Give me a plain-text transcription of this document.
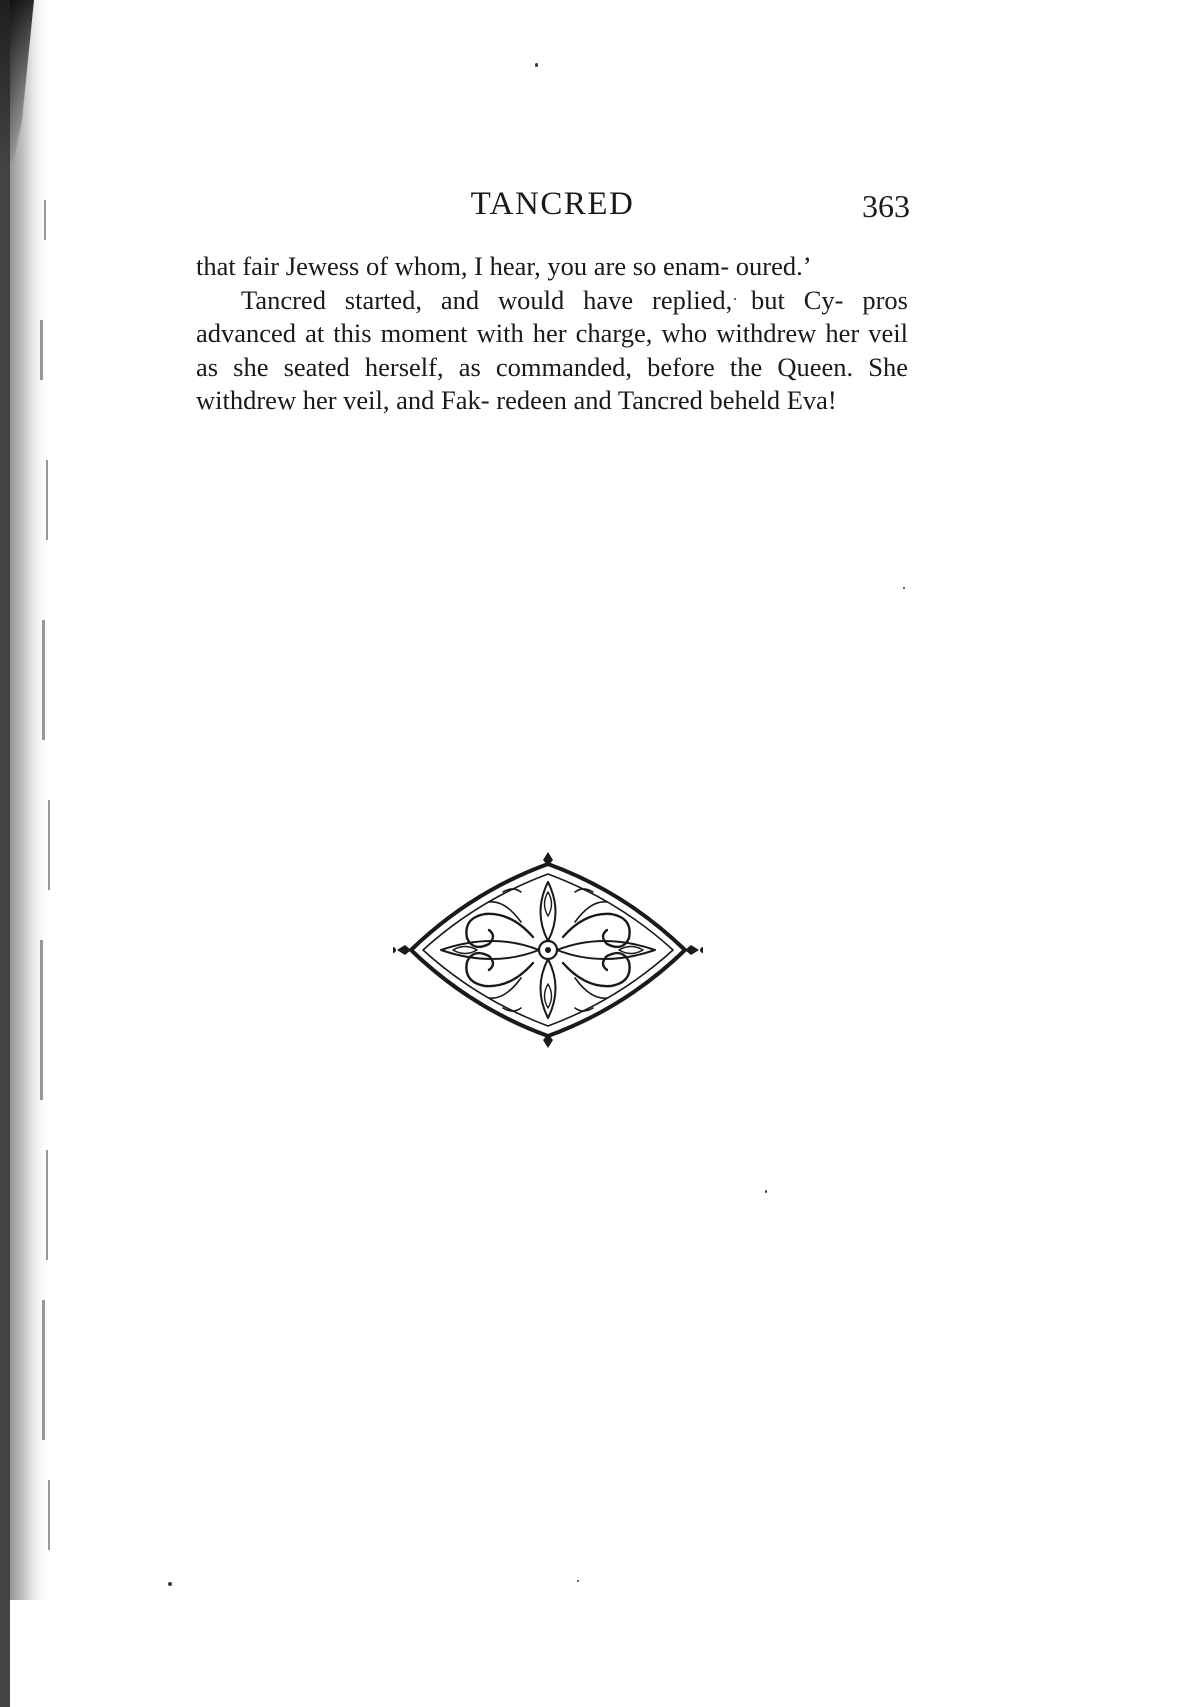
TANCRED	363

that fair Jewess of whom, I hear, you are so enam- oured.’

Tancred started, and would have replied, but Cy- pros advanced at this moment with her charge, who withdrew her veil as she seated herself, as commanded, before the Queen. She withdrew her veil, and Fak- redeen and Tancred beheld Eva!
